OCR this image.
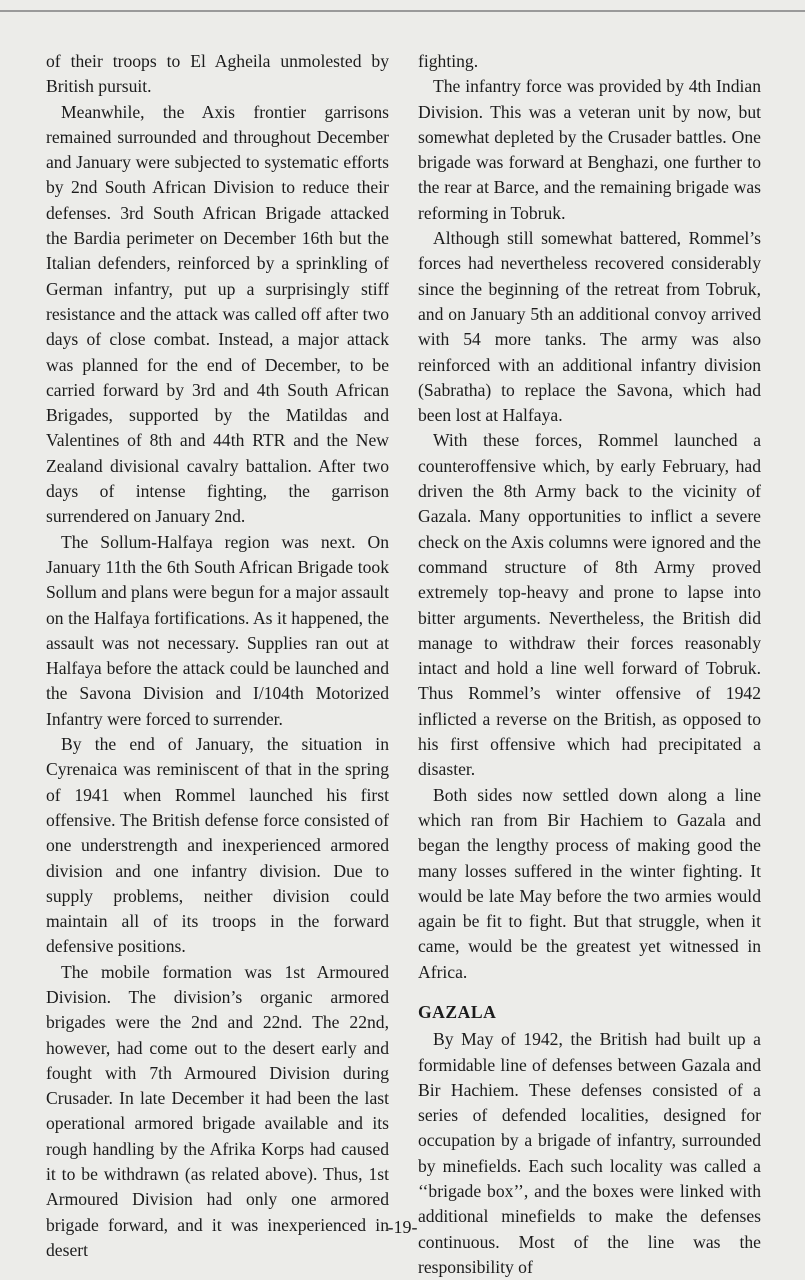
of their troops to El Agheila unmolested by British pursuit.

Meanwhile, the Axis frontier garrisons remained surrounded and throughout December and January were subjected to systematic efforts by 2nd South African Division to reduce their defenses. 3rd South African Brigade attacked the Bardia perimeter on December 16th but the Italian defenders, reinforced by a sprinkling of German infantry, put up a surprisingly stiff resistance and the attack was called off after two days of close combat. Instead, a major attack was planned for the end of December, to be carried forward by 3rd and 4th South African Brigades, supported by the Matildas and Valentines of 8th and 44th RTR and the New Zealand divisional cavalry battalion. After two days of intense fighting, the garrison surrendered on January 2nd.

The Sollum-Halfaya region was next. On January 11th the 6th South African Brigade took Sollum and plans were begun for a major assault on the Halfaya fortifications. As it happened, the assault was not necessary. Supplies ran out at Halfaya before the attack could be launched and the Savona Division and I/104th Motorized Infantry were forced to surrender.

By the end of January, the situation in Cyrenaica was reminiscent of that in the spring of 1941 when Rommel launched his first offensive. The British defense force consisted of one understrength and inexperienced armored division and one infantry division. Due to supply problems, neither division could maintain all of its troops in the forward defensive positions.

The mobile formation was 1st Armoured Division. The division’s organic armored brigades were the 2nd and 22nd. The 22nd, however, had come out to the desert early and fought with 7th Armoured Division during Crusader. In late December it had been the last operational armored brigade available and its rough handling by the Afrika Korps had caused it to be withdrawn (as related above). Thus, 1st Armoured Division had only one armored brigade forward, and it was inexperienced in desert

fighting.

The infantry force was provided by 4th Indian Division. This was a veteran unit by now, but somewhat depleted by the Crusader battles. One brigade was forward at Benghazi, one further to the rear at Barce, and the remaining brigade was reforming in Tobruk.

Although still somewhat battered, Rommel’s forces had nevertheless recovered considerably since the beginning of the retreat from Tobruk, and on January 5th an additional convoy arrived with 54 more tanks. The army was also reinforced with an additional infantry division (Sabratha) to replace the Savona, which had been lost at Halfaya.

With these forces, Rommel launched a counteroffensive which, by early February, had driven the 8th Army back to the vicinity of Gazala. Many opportunities to inflict a severe check on the Axis columns were ignored and the command structure of 8th Army proved extremely top-heavy and prone to lapse into bitter arguments. Nevertheless, the British did manage to withdraw their forces reasonably intact and hold a line well forward of Tobruk. Thus Rommel’s winter offensive of 1942 inflicted a reverse on the British, as opposed to his first offensive which had precipitated a disaster.

Both sides now settled down along a line which ran from Bir Hachiem to Gazala and began the lengthy process of making good the many losses suffered in the winter fighting. It would be late May before the two armies would again be fit to fight. But that struggle, when it came, would be the greatest yet witnessed in Africa.

GAZALA

By May of 1942, the British had built up a formidable line of defenses between Gazala and Bir Hachiem. These defenses consisted of a series of defended localities, designed for occupation by a brigade of infantry, surrounded by minefields. Each such locality was called a ‘‘brigade box’’, and the boxes were linked with additional minefields to make the defenses continuous. Most of the line was the responsibility of

-19-
